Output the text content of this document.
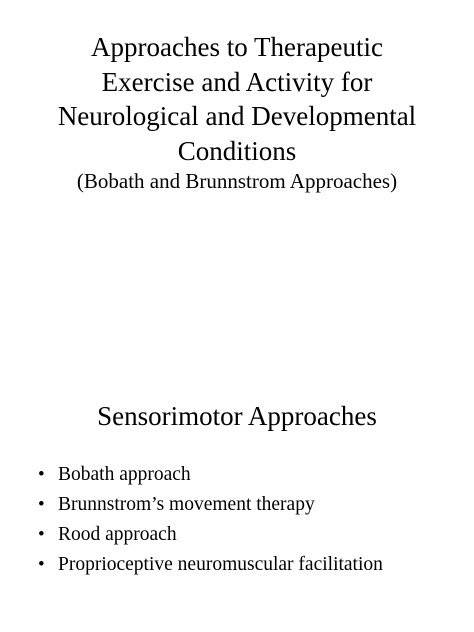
Approaches to Therapeutic
Exercise and Activity for
Neurological and Developmental
Conditions

(Bobath and Brunnstrom Approaches)

Sensorimotor Approaches
• Bobath approach
• Brunnstrom’s movement therapy
• Rood approach
• Proprioceptive neuromuscular facilitation
